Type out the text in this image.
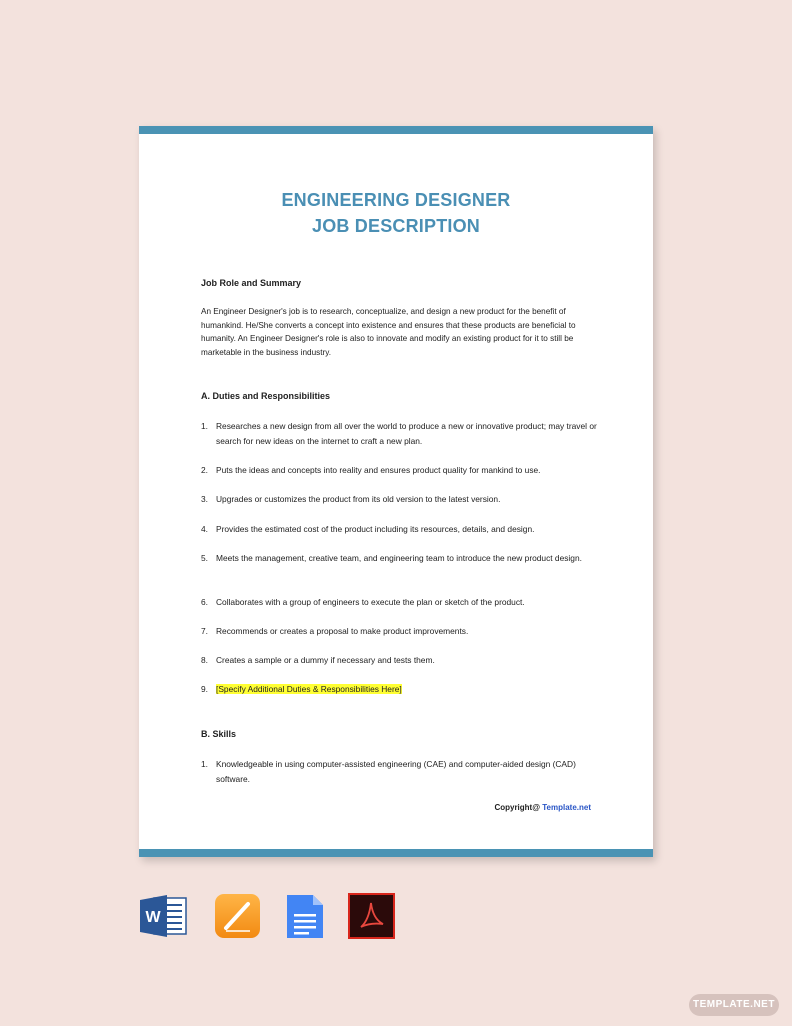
ENGINEERING DESIGNER
JOB DESCRIPTION
Job Role and Summary
An Engineer Designer's job is to research, conceptualize, and design a new product for the benefit of humankind. He/She converts a concept into existence and ensures that these products are beneficial to humanity. An Engineer Designer's role is also to innovate and modify an existing product for it to still be marketable in the business industry.
A. Duties and Responsibilities
1. Researches a new design from all over the world to produce a new or innovative product; may travel or search for new ideas on the internet to craft a new plan.
2. Puts the ideas and concepts into reality and ensures product quality for mankind to use.
3. Upgrades or customizes the product from its old version to the latest version.
4. Provides the estimated cost of the product including its resources, details, and design.
5. Meets the management, creative team, and engineering team to introduce the new product design.
6. Collaborates with a group of engineers to execute the plan or sketch of the product.
7. Recommends or creates a proposal to make product improvements.
8. Creates a sample or a dummy if necessary and tests them.
9. [Specify Additional Duties & Responsibilities Here]
B. Skills
1. Knowledgeable in using computer-assisted engineering (CAE) and computer-aided design (CAD) software.
Copyright@ Template.net
W
TEMPLATE.NET
